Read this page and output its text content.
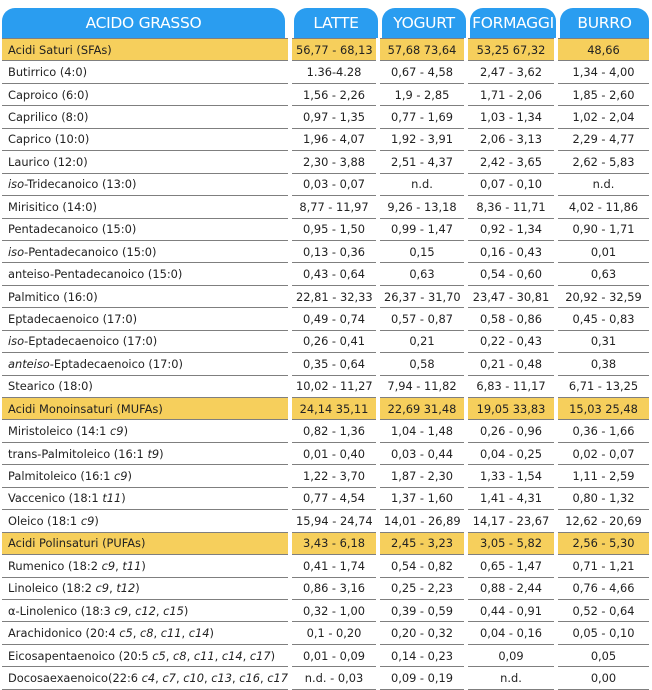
ACIDO GRASSO	LATTE	YOGURT	FORMAGGI	BURRO

Acidi Saturi (SFAs)	56,77 - 68,13	57,68 73,64	53,25 67,32	48,66
Butirrico (4:0)	1.36-4.28	0,67 - 4,58	2,47 - 3,62	1,34 - 4,00
Caproico (6:0)	1,56 - 2,26	1,9 - 2,85	1,71 - 2,06	1,85 - 2,60
Caprilico (8:0)	0,97 - 1,35	0,77 - 1,69	1,03 - 1,34	1,02 - 2,04
Caprico (10:0)	1,96 - 4,07	1,92 - 3,91	2,06 - 3,13	2,29 - 4,77
Laurico (12:0)	2,30 - 3,88	2,51 - 4,37	2,42 - 3,65	2,62 - 5,83
iso-Tridecanoico (13:0)	0,03 - 0,07	n.d.	0,07 - 0,10	n.d.
Mirisitico (14:0)	8,77 - 11,97	9,26 - 13,18	8,36 - 11,71	4,02 - 11,86
Pentadecanoico (15:0)	0,95 - 1,50	0,99 - 1,47	0,92 - 1,34	0,90 - 1,71
iso-Pentadecanoico (15:0)	0,13 - 0,36	0,15	0,16 - 0,43	0,01
anteiso-Pentadecanoico (15:0)	0,43 - 0,64	0,63	0,54 - 0,60	0,63
Palmitico (16:0)	22,81 - 32,33	26,37 - 31,70	23,47 - 30,81	20,92 - 32,59
Eptadecaenoico (17:0)	0,49 - 0,74	0,57 - 0,87	0,58 - 0,86	0,45 - 0,83
iso-Eptadecaenoico (17:0)	0,26 - 0,41	0,21	0,22 - 0,43	0,31
anteiso-Eptadecaenoico (17:0)	0,35 - 0,64	0,58	0,21 - 0,48	0,38
Stearico (18:0)	10,02 - 11,27	7,94 - 11,82	6,83 - 11,17	6,71 - 13,25
Acidi Monoinsaturi (MUFAs)	24,14 35,11	22,69 31,48	19,05 33,83	15,03 25,48
Miristoleico (14:1 c9)	0,82 - 1,36	1,04 - 1,48	0,26 - 0,96	0,36 - 1,66
trans-Palmitoleico (16:1 t9)	0,01 - 0,40	0,03 - 0,44	0,04 - 0,25	0,02 - 0,07
Palmitoleico (16:1 c9)	1,22 - 3,70	1,87 - 2,30	1,33 - 1,54	1,11 - 2,59
Vaccenico (18:1 t11)	0,77 - 4,54	1,37 - 1,60	1,41 - 4,31	0,80 - 1,32
Oleico (18:1 c9)	15,94 - 24,74	14,01 - 26,89	14,17 - 23,67	12,62 - 20,69
Acidi Polinsaturi (PUFAs)	3,43 - 6,18	2,45 - 3,23	3,05 - 5,82	2,56 - 5,30
Rumenico (18:2 c9, t11)	0,41 - 1,74	0,54 - 0,82	0,65 - 1,47	0,71 - 1,21
Linoleico (18:2 c9, t12)	0,86 - 3,16	0,25 - 2,23	0,88 - 2,44	0,76 - 4,66
α-Linolenico (18:3 c9, c12, c15)	0,32 - 1,00	0,39 - 0,59	0,44 - 0,91	0,52 - 0,64
Arachidonico (20:4 c5, c8, c11, c14)	0,1 - 0,20	0,20 - 0,32	0,04 - 0,16	0,05 - 0,10
Eicosapentaenoico (20:5 c5, c8, c11, c14, c17)	0,01 - 0,09	0,14 - 0,23	0,09	0,05
Docosaexaenoico(22:6 c4, c7, c10, c13, c16, c17	n.d. - 0,03	0,09 - 0,19	n.d.	0,00
